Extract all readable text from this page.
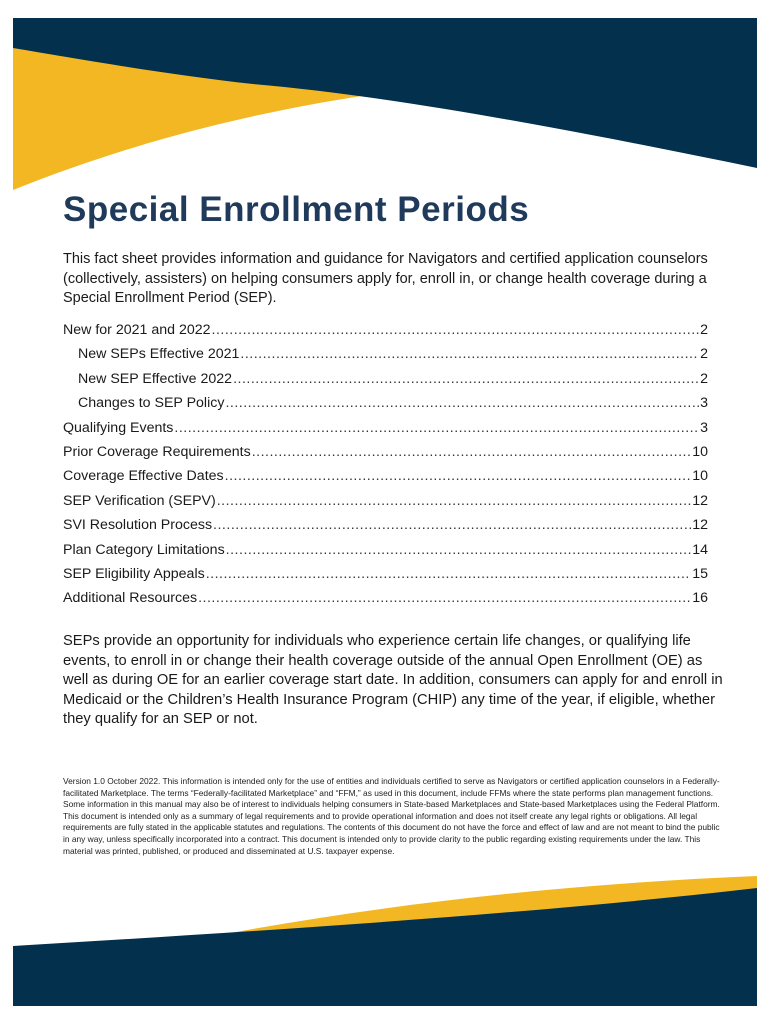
Special Enrollment Periods

This fact sheet provides information and guidance for Navigators and certified application counselors (collectively, assisters) on helping consumers apply for, enroll in, or change health coverage during a Special Enrollment Period (SEP).

New for 2021 and 2022 .....	2
New SEPs Effective 2021 .....	2
New SEP Effective 2022 .....	2
Changes to SEP Policy .....	3
Qualifying Events .....	3
Prior Coverage Requirements .....	10
Coverage Effective Dates .....	10
SEP Verification (SEPV) .....	12
SVI Resolution Process .....	12
Plan Category Limitations .....	14
SEP Eligibility Appeals .....	15
Additional Resources .....	16

SEPs provide an opportunity for individuals who experience certain life changes, or qualifying life events, to enroll in or change their health coverage outside of the annual Open Enrollment (OE) as well as during OE for an earlier coverage start date. In addition, consumers can apply for and enroll in Medicaid or the Children’s Health Insurance Program (CHIP) any time of the year, if eligible, whether they qualify for an SEP or not.

Version 1.0 October 2022. This information is intended only for the use of entities and individuals certified to serve as Navigators or certified application counselors in a Federally-facilitated Marketplace. The terms “Federally-facilitated Marketplace” and “FFM,” as used in this document, include FFMs where the state performs plan management functions. Some information in this manual may also be of interest to individuals helping consumers in State-based Marketplaces and State-based Marketplaces using the Federal Platform. This document is intended only as a summary of legal requirements and to provide operational information and does not itself create any legal rights or obligations. All legal requirements are fully stated in the applicable statutes and regulations. The contents of this document do not have the force and effect of law and are not meant to bind the public in any way, unless specifically incorporated into a contract. This document is intended only to provide clarity to the public regarding existing requirements under the law. This material was printed, published, or produced and disseminated at U.S. taxpayer expense.
